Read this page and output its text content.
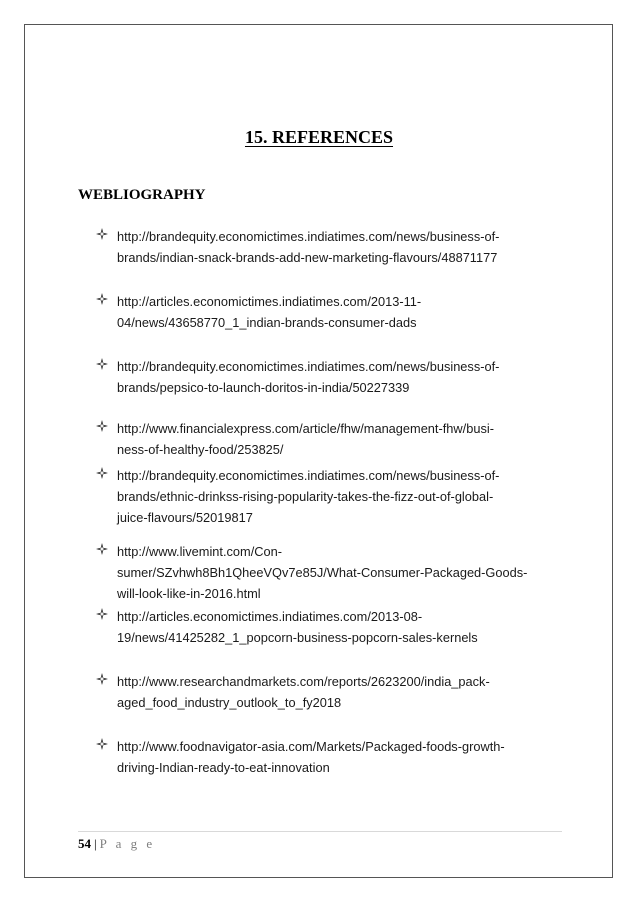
15. REFERENCES
WEBLIOGRAPHY
http://brandequity.economictimes.indiatimes.com/news/business-of-
brands/indian-snack-brands-add-new-marketing-flavours/48871177
http://articles.economictimes.indiatimes.com/2013-11-
04/news/43658770_1_indian-brands-consumer-dads
http://brandequity.economictimes.indiatimes.com/news/business-of-
brands/pepsico-to-launch-doritos-in-india/50227339
http://www.financialexpress.com/article/fhw/management-fhw/busi-
ness-of-healthy-food/253825/
http://brandequity.economictimes.indiatimes.com/news/business-of-
brands/ethnic-drinkss-rising-popularity-takes-the-fizz-out-of-global-
juice-flavours/52019817
http://www.livemint.com/Con-
sumer/SZvhwh8Bh1QheeVQv7e85J/What-Consumer-Packaged-Goods-
will-look-like-in-2016.html
http://articles.economictimes.indiatimes.com/2013-08-
19/news/41425282_1_popcorn-business-popcorn-sales-kernels
http://www.researchandmarkets.com/reports/2623200/india_pack-
aged_food_industry_outlook_to_fy2018
http://www.foodnavigator-asia.com/Markets/Packaged-foods-growth-
driving-Indian-ready-to-eat-innovation
54 | P a g e
